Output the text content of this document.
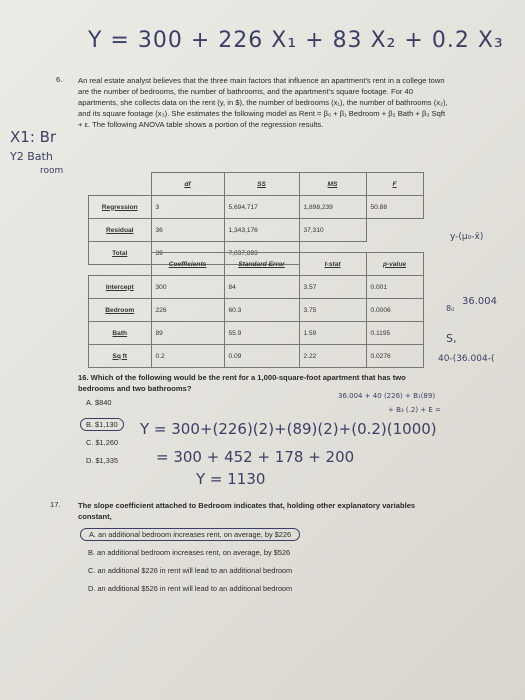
Y = 300 + 226 X₁ + 83 X₂ + 0.2 X₃
X1: Br
Y2 Bath
room
6. An real estate analyst believes that the three main factors that influence an apartment's rent in a college town are the number of bedrooms, the number of bathrooms, and the apartment's square footage. For 40 apartments, she collects data on the rent (y, in $), the number of bedrooms (x₁), the number of bathrooms (x₂), and its square footage (x₃). She estimates the following model as Rent = β₀ + β₁ Bedroom + β₂ Bath + β₃ Sqft + ε. The following ANOVA table shows a portion of the regression results.
	df	SS	MS	F
Regression	3	5,694,717	1,898,239	50.88
Residual	36	1,343,176	37,310	
Total	39	7,037,893		
	Coefficients	Standard Error	t-stat	p-value
Intercept	300	84	3.57	0.001
Bedroom	226	60.3	3.75	0.0006
Bath	89	55.9	1.59	0.1195
Sq ft	0.2	0.09	2.22	0.0276
y-(μ₀-x̄)
36.004
8₀
S,
40-(36.004-(
16. Which of the following would be the rent for a 1,000-square-foot apartment that has two bedrooms and two bathrooms?
A. $840
B. $1,130
C. $1,260
D. $1,335
36.004 + 40 (226) + B₁(89)
+ B₃ (.2) + E =
Y = 300+(226)(2)+(89)(2)+(0.2)(1000)
= 300 + 452 + 178 + 200
Y = 1130
17. The slope coefficient attached to Bedroom indicates that, holding other explanatory variables constant,
A. an additional bedroom increases rent, on average, by $226
B. an additional bedroom increases rent, on average, by $526
C. an additional $226 in rent will lead to an additional bedroom
D. an additional $526 in rent will lead to an additional bedroom
